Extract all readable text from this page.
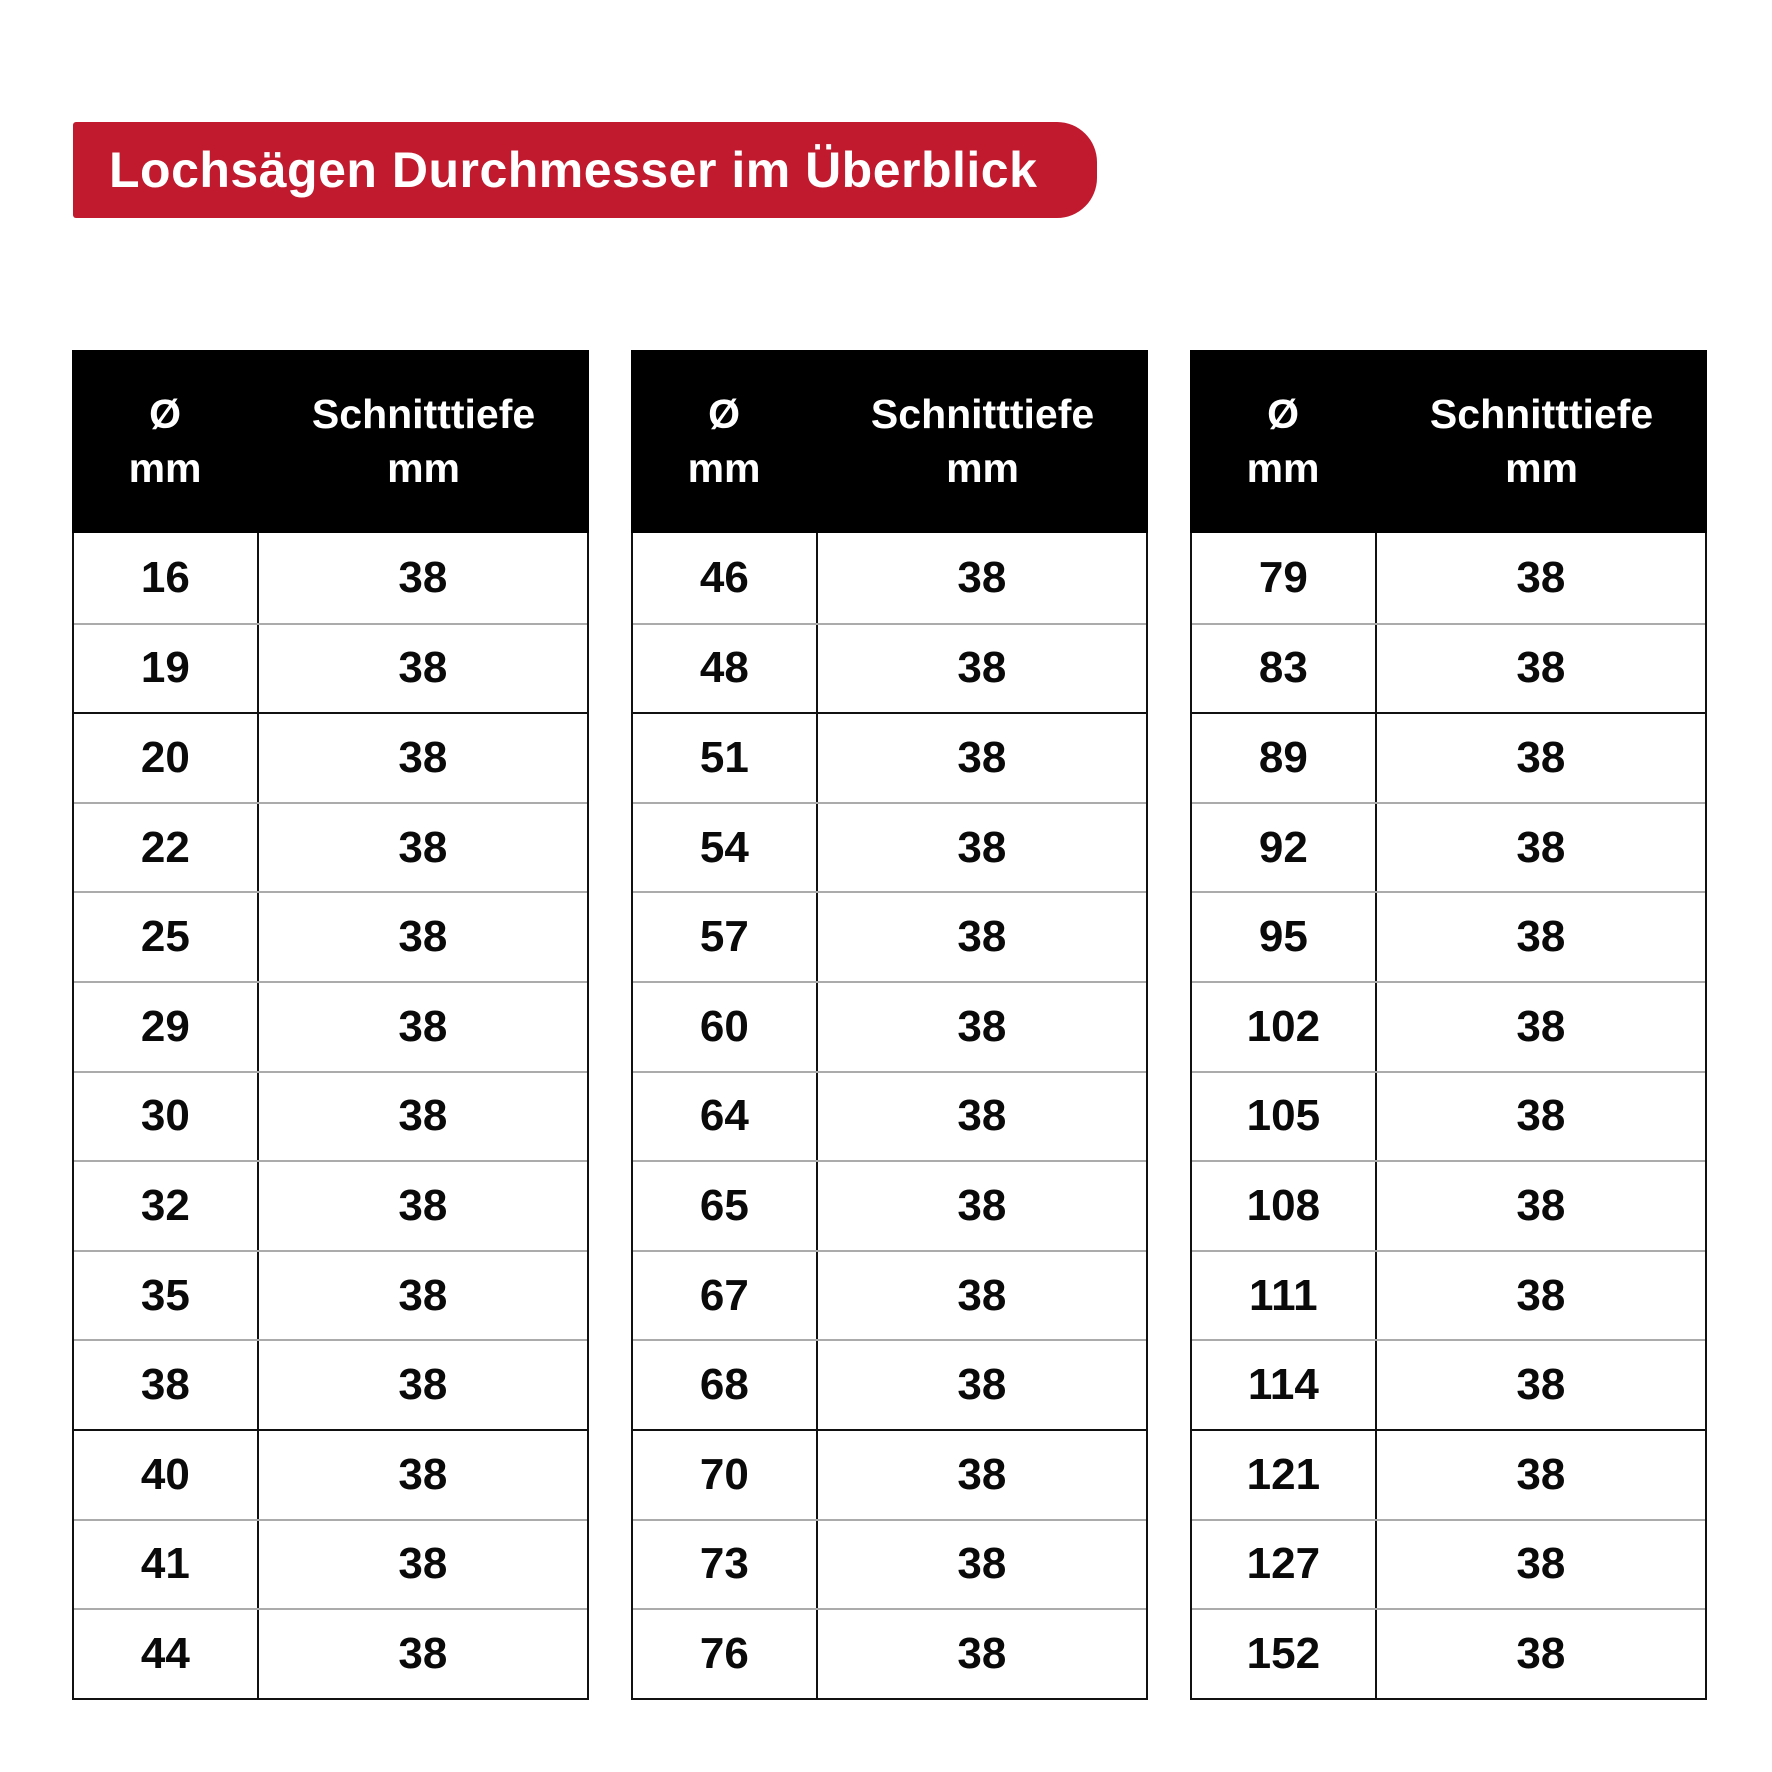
Lochsägen Durchmesser im Überblick
Ø
mm
Schnitttiefe
mm
16	38
19	38
20	38
22	38
25	38
29	38
30	38
32	38
35	38
38	38
40	38
41	38
44	38
Ø
mm
Schnitttiefe
mm
46	38
48	38
51	38
54	38
57	38
60	38
64	38
65	38
67	38
68	38
70	38
73	38
76	38
Ø
mm
Schnitttiefe
mm
79	38
83	38
89	38
92	38
95	38
102	38
105	38
108	38
111	38
114	38
121	38
127	38
152	38
